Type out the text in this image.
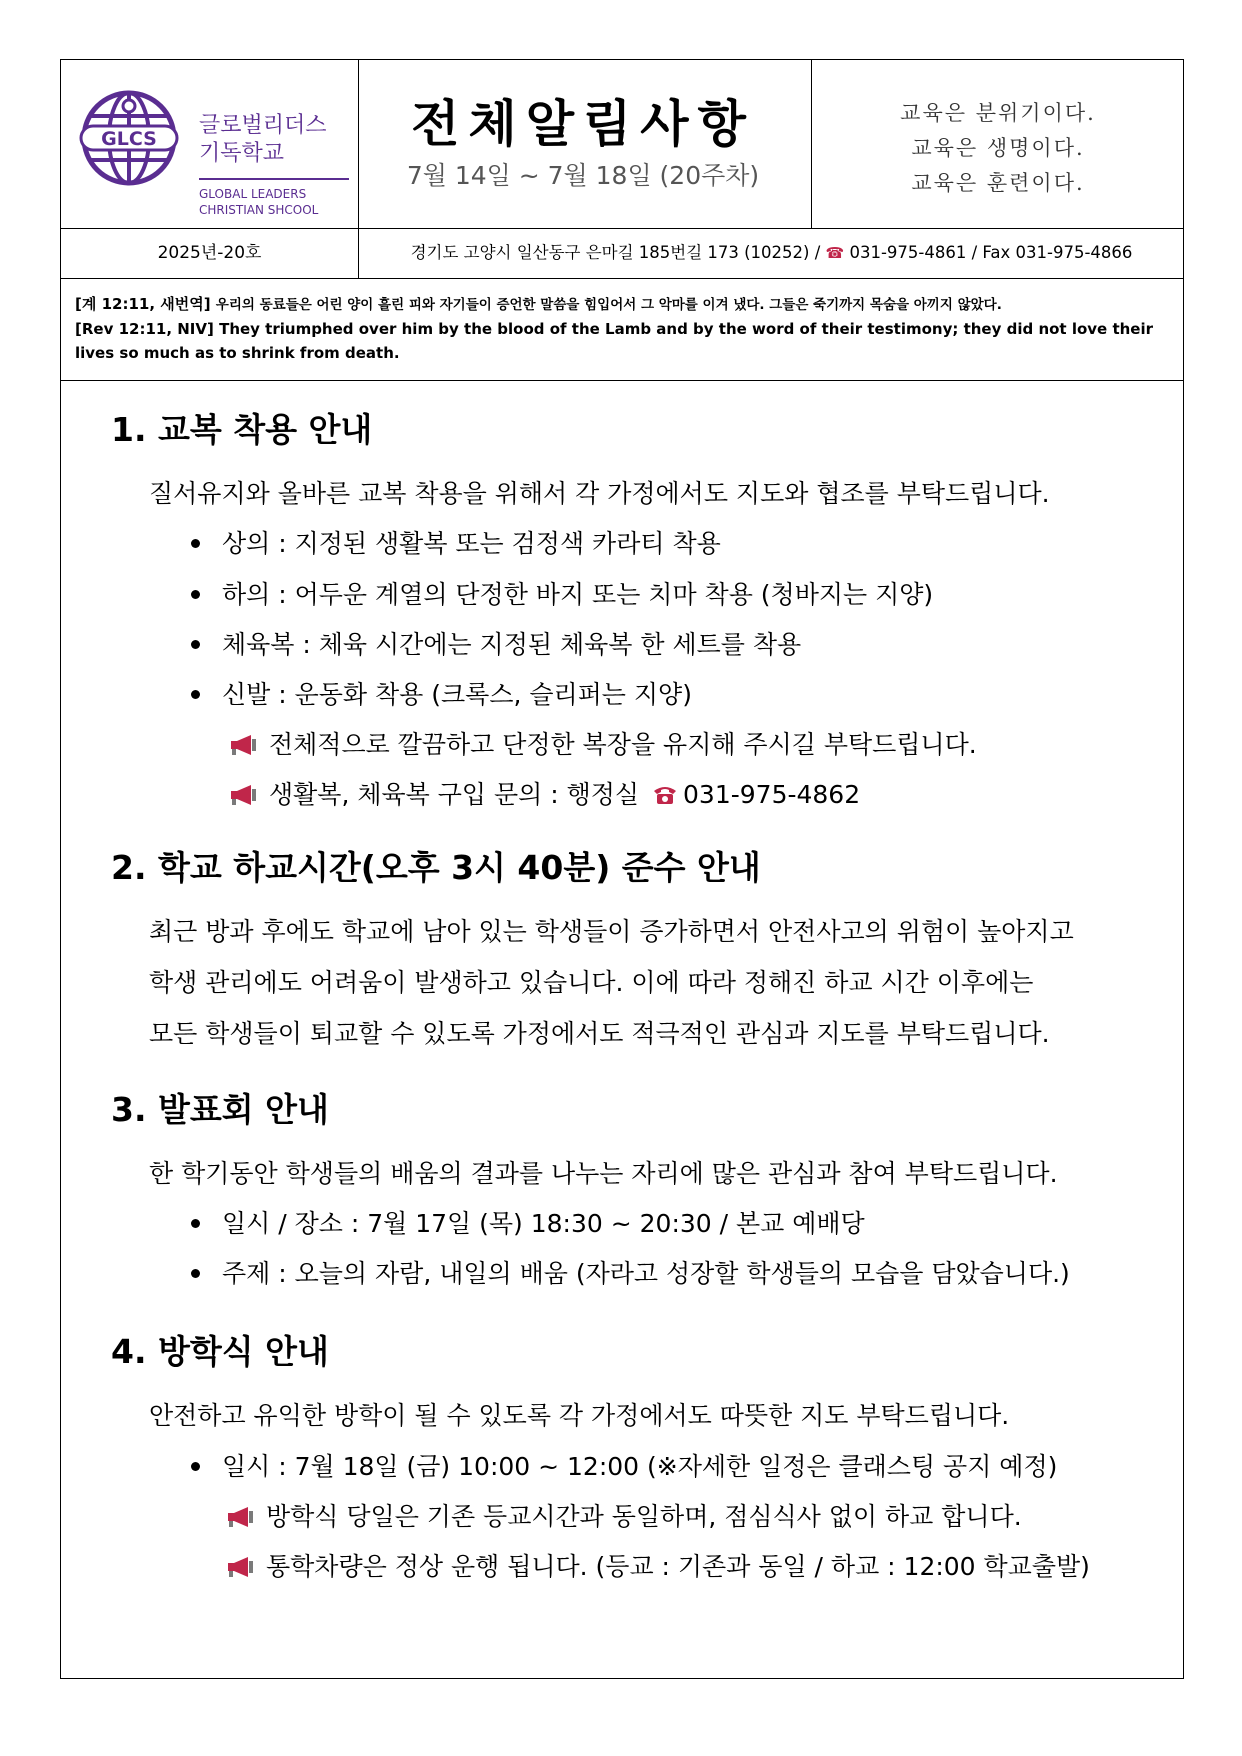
GLCS
글로벌리더스
기독학교
GLOBAL LEADERS
CHRISTIAN SHCOOL
전체알림사항
7월 14일 ~ 7월 18일 (20주차)
교육은 분위기이다.
교육은 생명이다.
교육은 훈련이다.
2025년-20호	경기도 고양시 일산동구 은마길 185번길 173 (10252) / ☎ 031-975-4861 / Fax 031-975-4866
[계 12:11, 새번역] 우리의 동료들은 어린 양이 흘린 피와 자기들이 증언한 말씀을 힘입어서 그 악마를 이겨 냈다. 그들은 죽기까지 목숨을 아끼지 않았다.
[Rev 12:11, NIV] They triumphed over him by the blood of the Lamb and by the word of their testimony; they did not love their lives so much as to shrink from death.
1. 교복 착용 안내
질서유지와 올바른 교복 착용을 위해서 각 가정에서도 지도와 협조를 부탁드립니다.
상의 : 지정된 생활복 또는 검정색 카라티 착용
하의 : 어두운 계열의 단정한 바지 또는 치마 착용 (청바지는 지양)
체육복 : 체육 시간에는 지정된 체육복 한 세트를 착용
신발 : 운동화 착용 (크록스, 슬리퍼는 지양)
전체적으로 깔끔하고 단정한 복장을 유지해 주시길 부탁드립니다.
생활복, 체육복 구입 문의 : 행정실 031-975-4862
2. 학교 하교시간(오후 3시 40분) 준수 안내
최근 방과 후에도 학교에 남아 있는 학생들이 증가하면서 안전사고의 위험이 높아지고
학생 관리에도 어려움이 발생하고 있습니다. 이에 따라 정해진 하교 시간 이후에는
모든 학생들이 퇴교할 수 있도록 가정에서도 적극적인 관심과 지도를 부탁드립니다.
3. 발표회 안내
한 학기동안 학생들의 배움의 결과를 나누는 자리에 많은 관심과 참여 부탁드립니다.
일시 / 장소 : 7월 17일 (목) 18:30 ~ 20:30 / 본교 예배당
주제 : 오늘의 자람, 내일의 배움 (자라고 성장할 학생들의 모습을 담았습니다.)
4. 방학식 안내
안전하고 유익한 방학이 될 수 있도록 각 가정에서도 따뜻한 지도 부탁드립니다.
일시 : 7월 18일 (금) 10:00 ~ 12:00 (※자세한 일정은 클래스팅 공지 예정)
방학식 당일은 기존 등교시간과 동일하며, 점심식사 없이 하교 합니다.
통학차량은 정상 운행 됩니다. (등교 : 기존과 동일 / 하교 : 12:00 학교출발)
